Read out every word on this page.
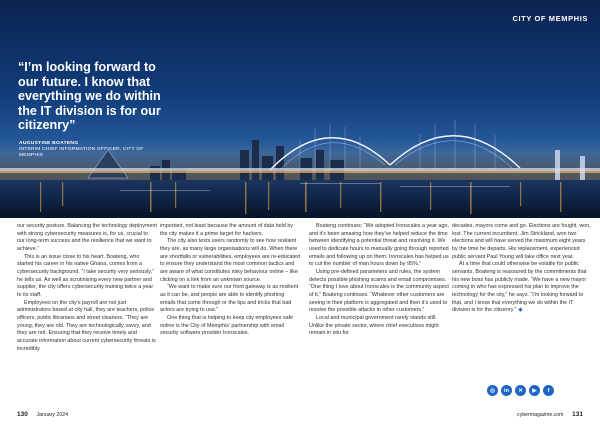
CITY OF MEMPHIS
“I’m looking forward to our future. I know that everything we do within the IT division is for our citizenry”
AUGUSTINE BOATENG
INTERIM CHIEF INFORMATION OFFICER, CITY OF MEMPHIS

our security posture. Balancing the technology deployment with strong cybersecurity measures is, for us, crucial to our long-term success and the resilience that we want to achieve.”

This is an issue close to his heart. Boateng, who started his career in his native Ghana, comes from a cybersecurity background. “I take security very seriously,” he tells us. As well as scrutinising every new partner and supplier, the city offers cybersecurity training twice a year to its staff.

Employees on the city’s payroll are not just administrators based at city hall, they are teachers, police officers, public librarians and street cleaners. “They are young, they are old. They are technologically savvy, and they are not. Ensuring that they receive timely and accurate information about current cybersecurity threats is incredibly

important, not least because the amount of data held by the city makes it a prime target for hackers.

The city also tests users randomly to see how resilient they are, as many large organisations will do. When there are shortfalls or vulnerabilities, employees are re-educated to ensure they understand the most common tactics and are aware of what constitutes risky behaviour online – like clicking on a link from an unknown source.

“We want to make sure our front gateway is as resilient as it can be, and people are able to identify phishing emails that come through or the tips and tricks that bad actors are trying to use.”

One thing that is helping to keep city employees safe online is the City of Memphis’ partnership with email security software provider Ironscales.

Boateng continues: “We adopted Ironscales a year ago, and it’s been amazing how they’ve helped reduce the time between identifying a potential threat and resolving it. We used to dedicate hours to manually going through reported emails and following up on them. Ironscales has helped us to cut the number of man hours down by 95%.”

Using pre-defined parameters and rules, the system detects possible phishing scams and email compromises. “One thing I love about Ironscales is the community aspect of it,” Boateng continues. “Whatever other customers are seeing in their platform is aggregated and then it’s used to resolve the possible attacks in other customers.”

Local and municipal government rarely stands still. Unlike the private sector, where chief executives might remain in situ for

decades, mayors come and go. Elections are fought, won, lost. The current incumbent, Jim Strickland, won two elections and will have served the maximum eight years by the time he departs. His replacement, experienced public servant Paul Young will take office next year.

At a time that could otherwise be volatile for public servants, Boateng is reassured by the commitments that his new boss has publicly made. “We have a new mayor coming in who has expressed his plan to improve the technology for the city,” he says. “I’m looking forward to that, and I know that everything we do within the IT division is for the citizenry.” ◆

◎	in	✕	▶	f
130 January 2024	cybermagazine.com 131
